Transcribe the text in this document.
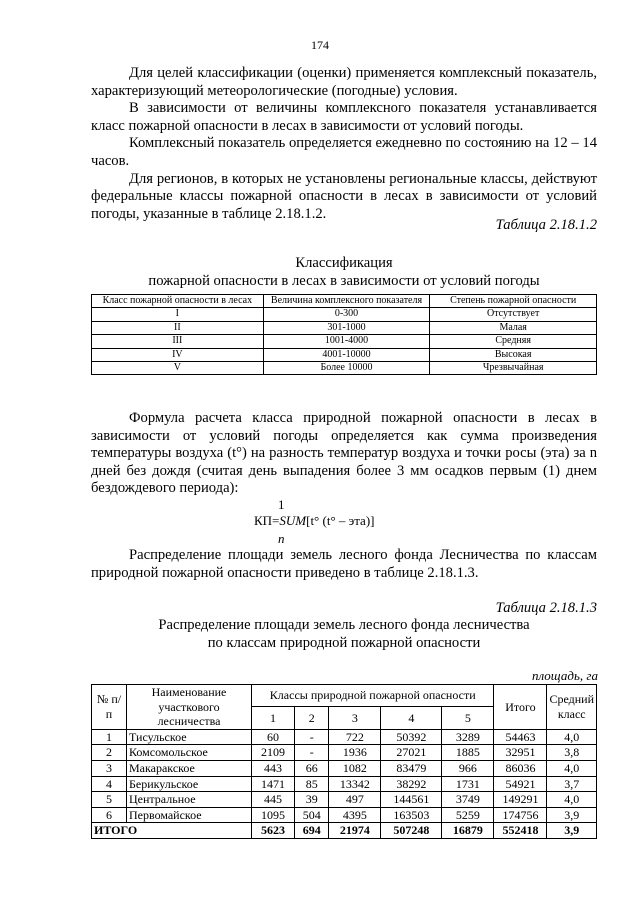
174

Для целей классификации (оценки) применяется комплексный показатель, характеризующий метеорологические (погодные) условия.

В зависимости от величины комплексного показателя устанавливается класс пожарной опасности в лесах в зависимости от условий погоды.

Комплексный показатель определяется ежедневно по состоянию на 12 – 14 часов.

Для регионов, в которых не установлены региональные классы, действуют федеральные классы пожарной опасности в лесах в зависимости от условий погоды, указанные в таблице 2.18.1.2.

Таблица 2.18.1.2
Классификация
пожарной опасности в лесах в зависимости от условий погоды
Класс пожарной опасности в лесах	Величина комплексного показателя	Степень пожарной опасности
I	0-300	Отсутствует
II	301-1000	Малая
III	1001-4000	Средняя
IV	4001-10000	Высокая
V	Более 10000	Чрезвычайная

Формула расчета класса природной пожарной опасности в лесах в зависимости от условий погоды определяется как сумма произведения температуры воздуха (t°) на разность температур воздуха и точки росы (эта) за n дней без дождя (считая день выпадения более 3 мм осадков первым (1) днем бездождевого периода):

1
КП=SUM[t° (t° – эта)]
n

Распределение площади земель лесного фонда Лесничества по классам природной пожарной опасности приведено в таблице 2.18.1.3.

Таблица 2.18.1.3
Распределение площади земель лесного фонда лесничества
по классам природной пожарной опасности
площадь, га
№ п/п	Наименование участкового лесничества	Классы природной пожарной опасности					Итого	Средний класс
		1	2	3	4	5		
1	Тисульское	60	-	722	50392	3289	54463	4,0
2	Комсомольское	2109	-	1936	27021	1885	32951	3,8
3	Макаракское	443	66	1082	83479	966	86036	4,0
4	Берикульское	1471	85	13342	38292	1731	54921	3,7
5	Центральное	445	39	497	144561	3749	149291	4,0
6	Первомайское	1095	504	4395	163503	5259	174756	3,9
ИТОГО		5623	694	21974	507248	16879	552418	3,9
